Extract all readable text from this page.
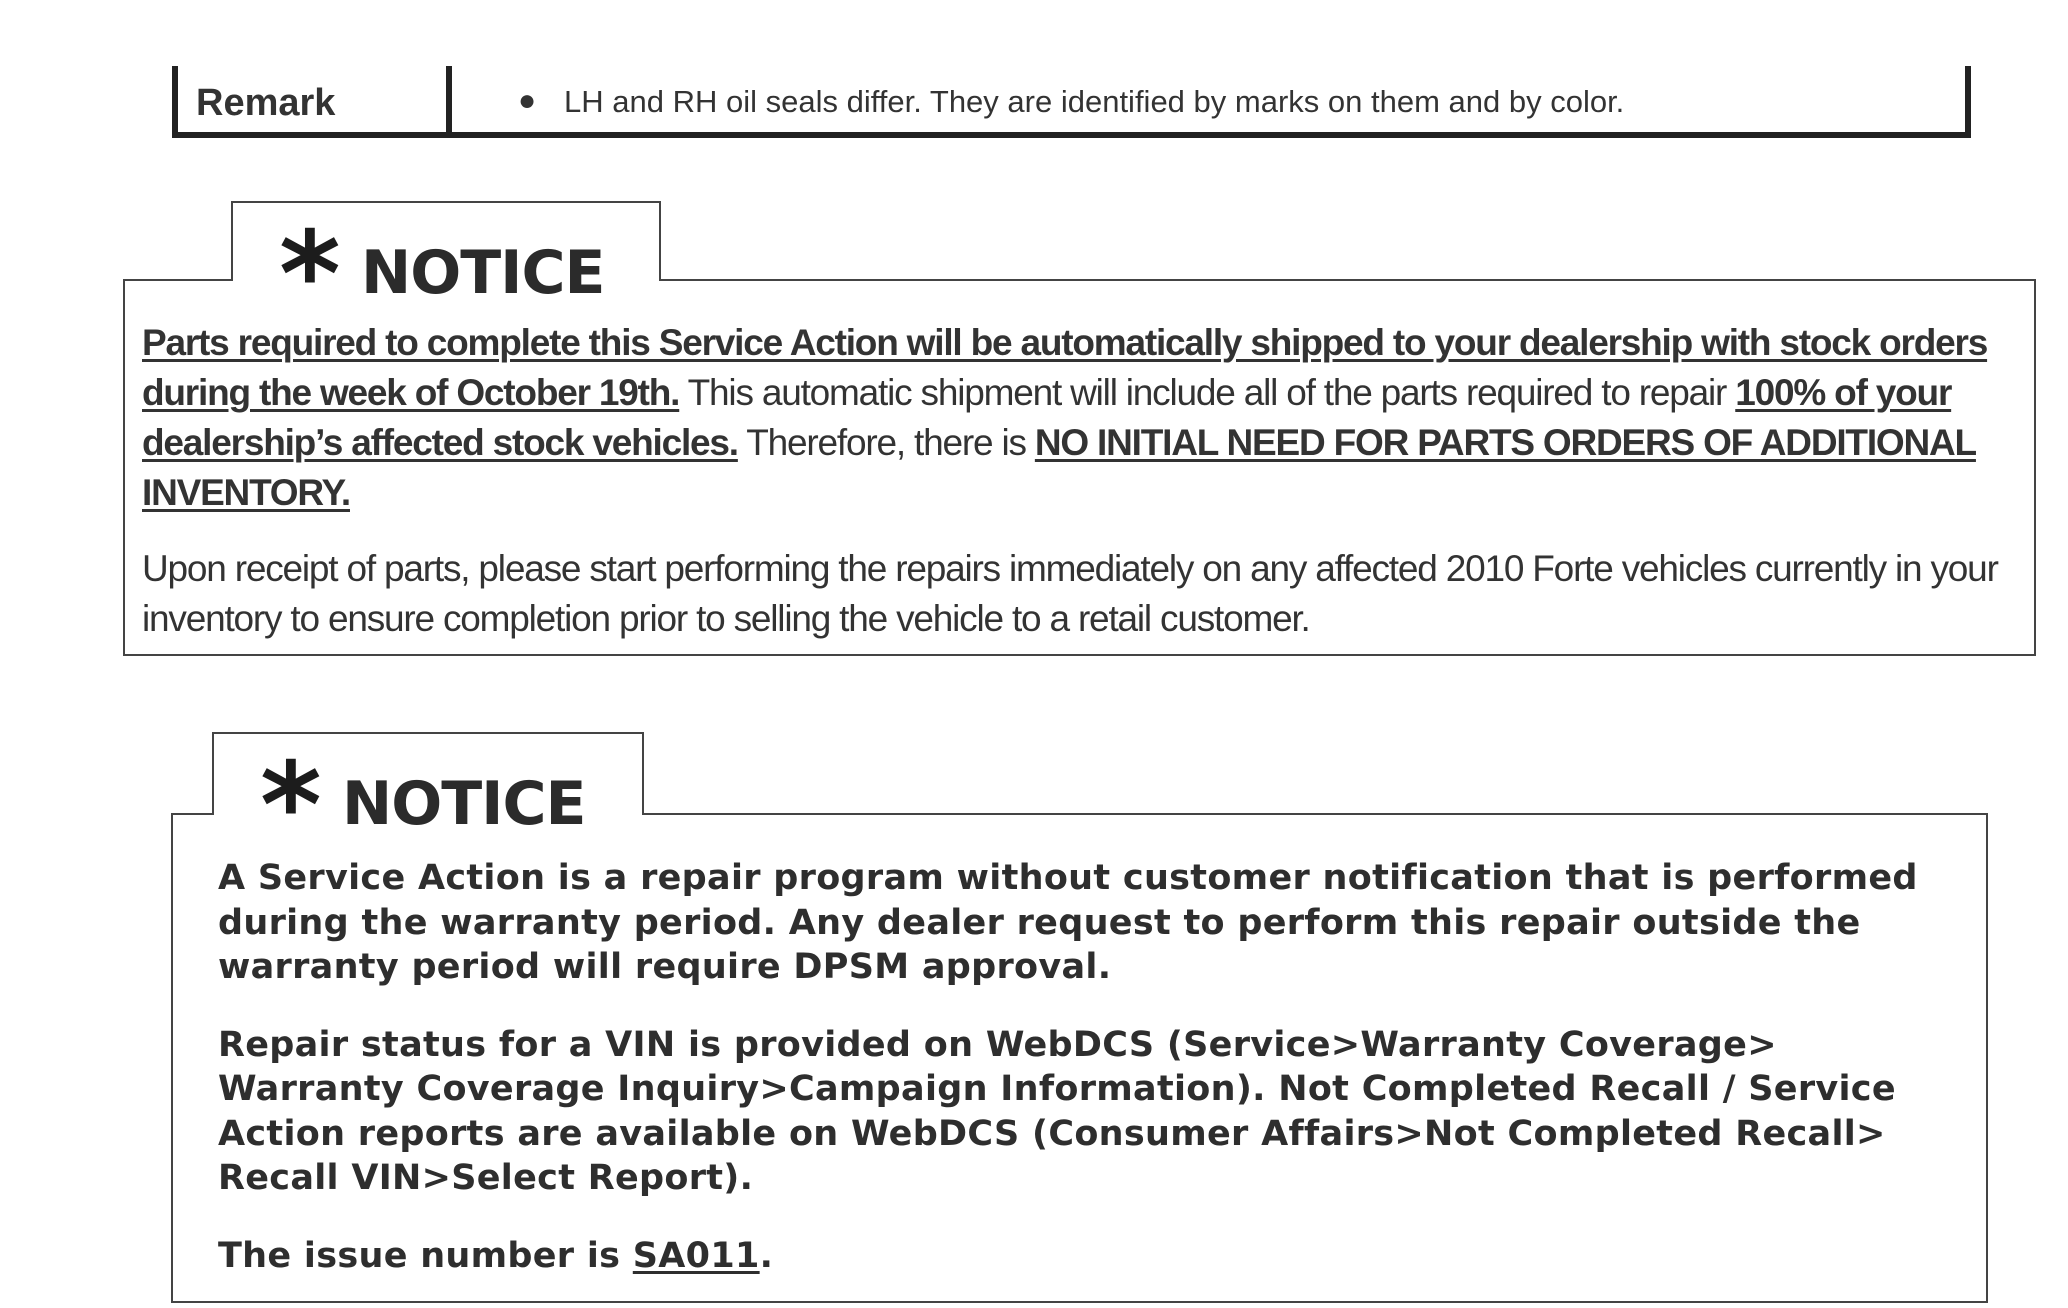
Remark	● LH and RH oil seals differ. They are identified by marks on them and by color.
* NOTICE

Parts required to complete this Service Action will be automatically shipped to your dealership with stock orders during the week of October 19th. This automatic shipment will include all of the parts required to repair 100% of your dealership’s affected stock vehicles. Therefore, there is NO INITIAL NEED FOR PARTS ORDERS OF ADDITIONAL INVENTORY.

Upon receipt of parts, please start performing the repairs immediately on any affected 2010 Forte vehicles currently in your inventory to ensure completion prior to selling the vehicle to a retail customer.

* NOTICE

A Service Action is a repair program without customer notification that is performed during the warranty period. Any dealer request to perform this repair outside the warranty period will require DPSM approval.

Repair status for a VIN is provided on WebDCS (Service>Warranty Coverage>
Warranty Coverage Inquiry>Campaign Information). Not Completed Recall / Service Action reports are available on WebDCS (Consumer Affairs>Not Completed Recall> Recall VIN>Select Report).

The issue number is SA011.
